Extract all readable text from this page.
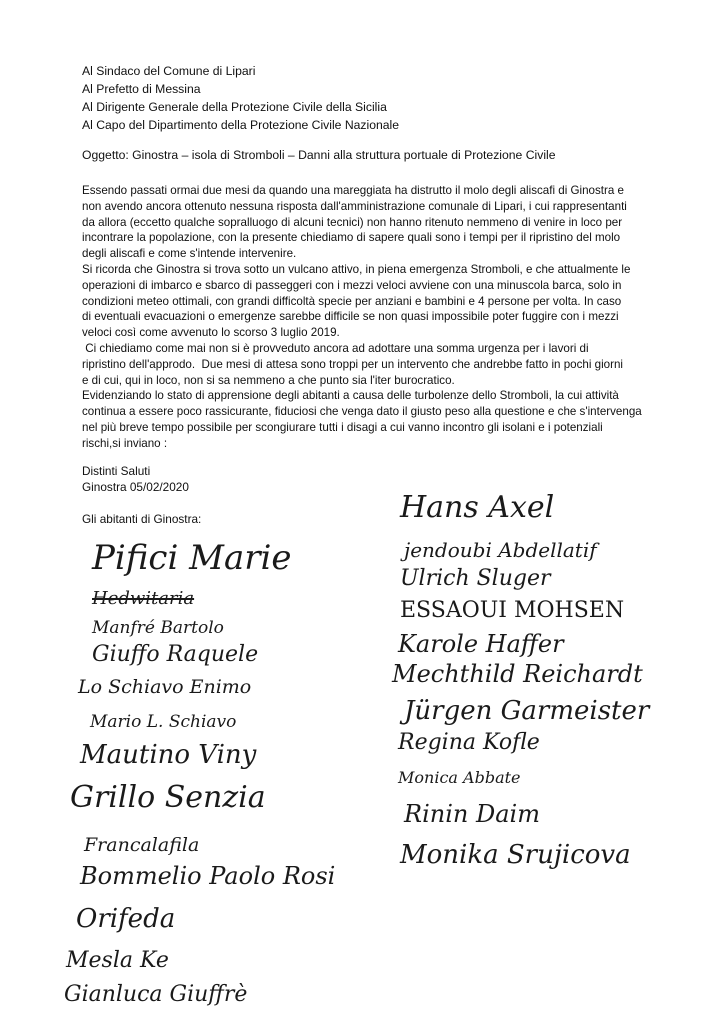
Al Sindaco del Comune di Lipari
Al Prefetto di Messina
Al Dirigente Generale della Protezione Civile della Sicilia
Al Capo del Dipartimento della Protezione Civile Nazionale
Oggetto: Ginostra – isola di Stromboli – Danni alla struttura portuale di Protezione Civile

Essendo passati ormai due mesi da quando una mareggiata ha distrutto il molo degli aliscafi di Ginostra e

non avendo ancora ottenuto nessuna risposta dall'amministrazione comunale di Lipari, i cui rappresentanti

da allora (eccetto qualche sopralluogo di alcuni tecnici) non hanno ritenuto nemmeno di venire in loco per

incontrare la popolazione, con la presente chiediamo di sapere quali sono i tempi per il ripristino del molo

degli aliscafi e come s'intende intervenire.

Si ricorda che Ginostra si trova sotto un vulcano attivo, in piena emergenza Stromboli, e che attualmente le

operazioni di imbarco e sbarco di passeggeri con i mezzi veloci avviene con una minuscola barca, solo in

condizioni meteo ottimali, con grandi difficoltà specie per anziani e bambini e 4 persone per volta. In caso

di eventuali evacuazioni o emergenze sarebbe difficile se non quasi impossibile poter fuggire con i mezzi

veloci così come avvenuto lo scorso 3 luglio 2019.

Ci chiediamo come mai non si è provveduto ancora ad adottare una somma urgenza per i lavori di

ripristino dell'approdo.  Due mesi di attesa sono troppi per un intervento che andrebbe fatto in pochi giorni

e di cui, qui in loco, non si sa nemmeno a che punto sia l'iter burocratico.

Evidenziando lo stato di apprensione degli abitanti a causa delle turbolenze dello Stromboli, la cui attività

continua a essere poco rassicurante, fiduciosi che venga dato il giusto peso alla questione e che s'intervenga

nel più breve tempo possibile per scongiurare tutti i disagi a cui vanno incontro gli isolani e i potenziali

rischi,si inviano :

Distinti Saluti
Ginostra 05/02/2020
Gli abitanti di Ginostra:
Pifici Marie
Hedwitaria
Manfré Bartolo
Giuffo Raquele
Lo Schiavo Enimo
Mario L. Schiavo
Mautino Viny
Grillo Senzia
Francalafila
Bommelio Paolo Rosi
Orifeda
Mesla Ke
Gianluca Giuffrè
Hans Axel
jendoubi Abdellatif
Ulrich Sluger
ESSAOUI MOHSEN
Karole Haffer
Mechthild Reichardt
Jürgen Garmeister
Regina Kofle
Monica Abbate
Rinin Daim
Monika Srujicova
